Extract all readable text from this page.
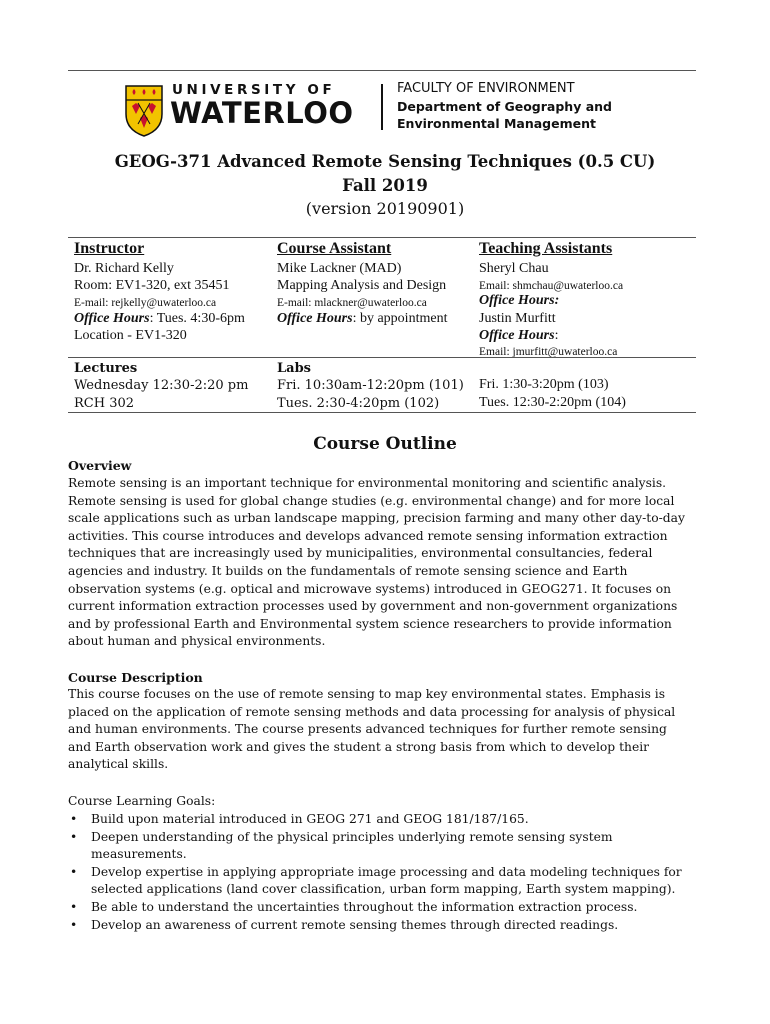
UNIVERSITY OF
WATERLOO
FACULTY OF ENVIRONMENT
Department of Geography and
Environmental Management
GEOG-371 Advanced Remote Sensing Techniques (0.5 CU)
Fall 2019
(version 20190901)
Instructor
Dr. Richard Kelly
Room: EV1-320, ext 35451
E-mail: rejkelly@uwaterloo.ca
Office Hours: Tues. 4:30-6pm
Location - EV1-320
Course Assistant
Mike Lackner (MAD)
Mapping Analysis and Design
E-mail: mlackner@uwaterloo.ca
Office Hours: by appointment
Teaching Assistants
Sheryl Chau
Email: shmchau@uwaterloo.ca
Office Hours:
Justin Murfitt
Office Hours:
Email: jmurfitt@uwaterloo.ca
Lectures
Wednesday 12:30-2:20 pm
RCH 302
Labs
Fri. 10:30am-12:20pm (101)
Tues. 2:30-4:20pm (102)
Fri. 1:30-3:20pm (103)
Tues. 12:30-2:20pm (104)
Course Outline
Overview
Remote sensing is an important technique for environmental monitoring and scientific analysis.
Remote sensing is used for global change studies (e.g. environmental change) and for more local
scale applications such as urban landscape mapping, precision farming and many other day-to-day
activities. This course introduces and develops advanced remote sensing information extraction
techniques that are increasingly used by municipalities, environmental consultancies, federal
agencies and industry. It builds on the fundamentals of remote sensing science and Earth
observation systems (e.g. optical and microwave systems) introduced in GEOG271. It focuses on
current information extraction processes used by government and non-government organizations
and by professional Earth and Environmental system science researchers to provide information
about human and physical environments.
Course Description
This course focuses on the use of remote sensing to map key environmental states. Emphasis is
placed on the application of remote sensing methods and data processing for analysis of physical
and human environments. The course presents advanced techniques for further remote sensing
and Earth observation work and gives the student a strong basis from which to develop their
analytical skills.
Course Learning Goals:
• Build upon material introduced in GEOG 271 and GEOG 181/187/165.
• Deepen understanding of the physical principles underlying remote sensing system
measurements.
• Develop expertise in applying appropriate image processing and data modeling techniques for
selected applications (land cover classification, urban form mapping, Earth system mapping).
• Be able to understand the uncertainties throughout the information extraction process.
• Develop an awareness of current remote sensing themes through directed readings.
